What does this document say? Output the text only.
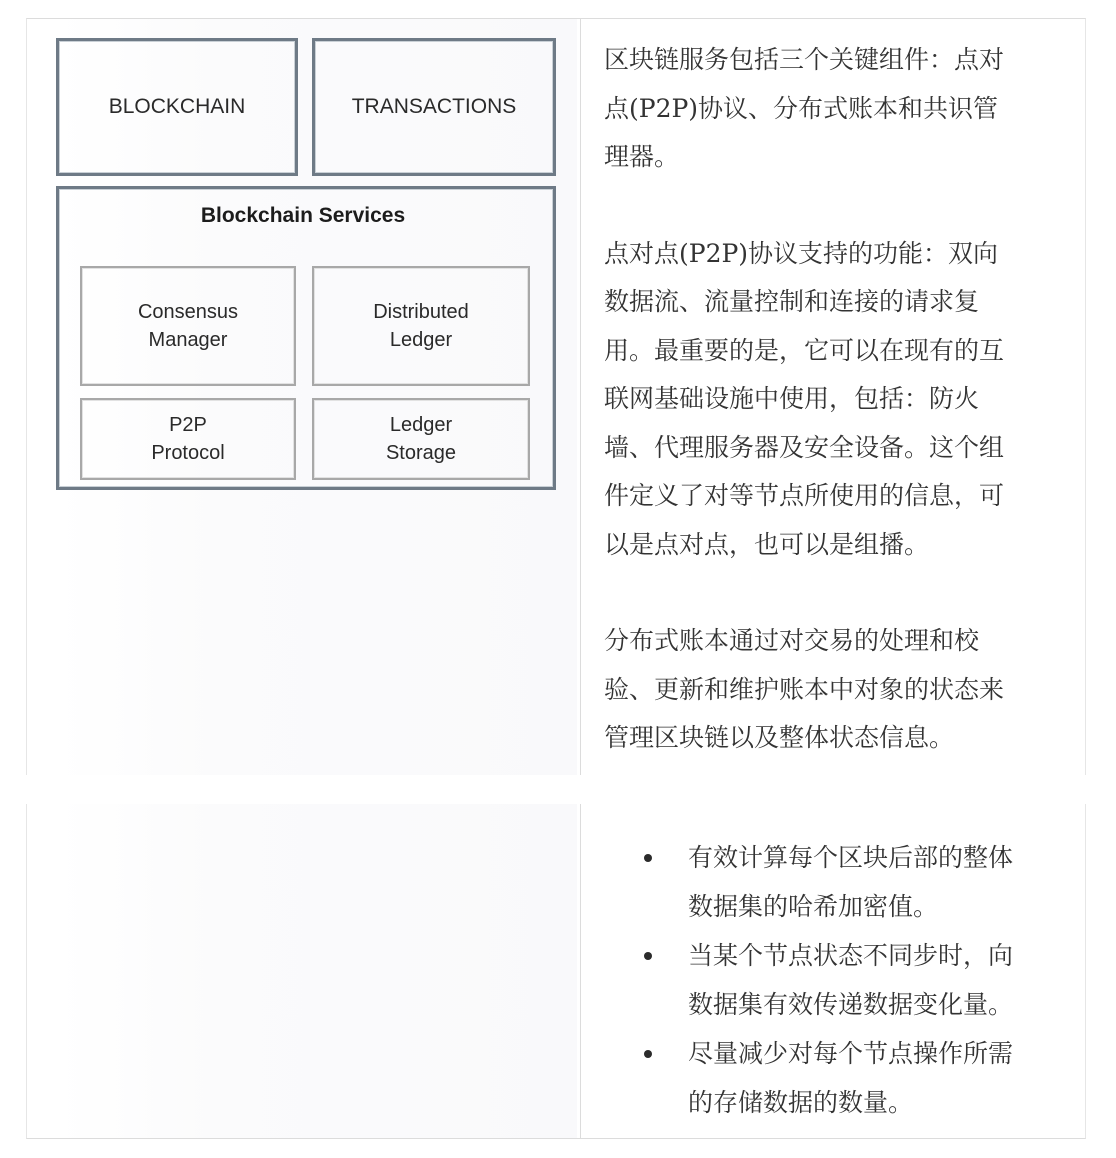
BLOCKCHAIN	TRANSACTIONS
Blockchain Services
Consensus
Manager
Distributed
Ledger
P2P
Protocol
Ledger
Storage

区块链服务包括三个关键组件：点对
点(P2P)协议、分布式账本和共识管
理器。

点对点(P2P)协议支持的功能：双向
数据流、流量控制和连接的请求复
用。最重要的是，它可以在现有的互
联网基础设施中使用，包括：防火
墙、代理服务器及安全设备。这个组
件定义了对等节点所使用的信息，可
以是点对点，也可以是组播。

分布式账本通过对交易的处理和校
验、更新和维护账本中对象的状态来
管理区块链以及整体状态信息。

有效计算每个区块后部的整体
数据集的哈希加密值。
当某个节点状态不同步时，向
数据集有效传递数据变化量。
尽量减少对每个节点操作所需
的存储数据的数量。
